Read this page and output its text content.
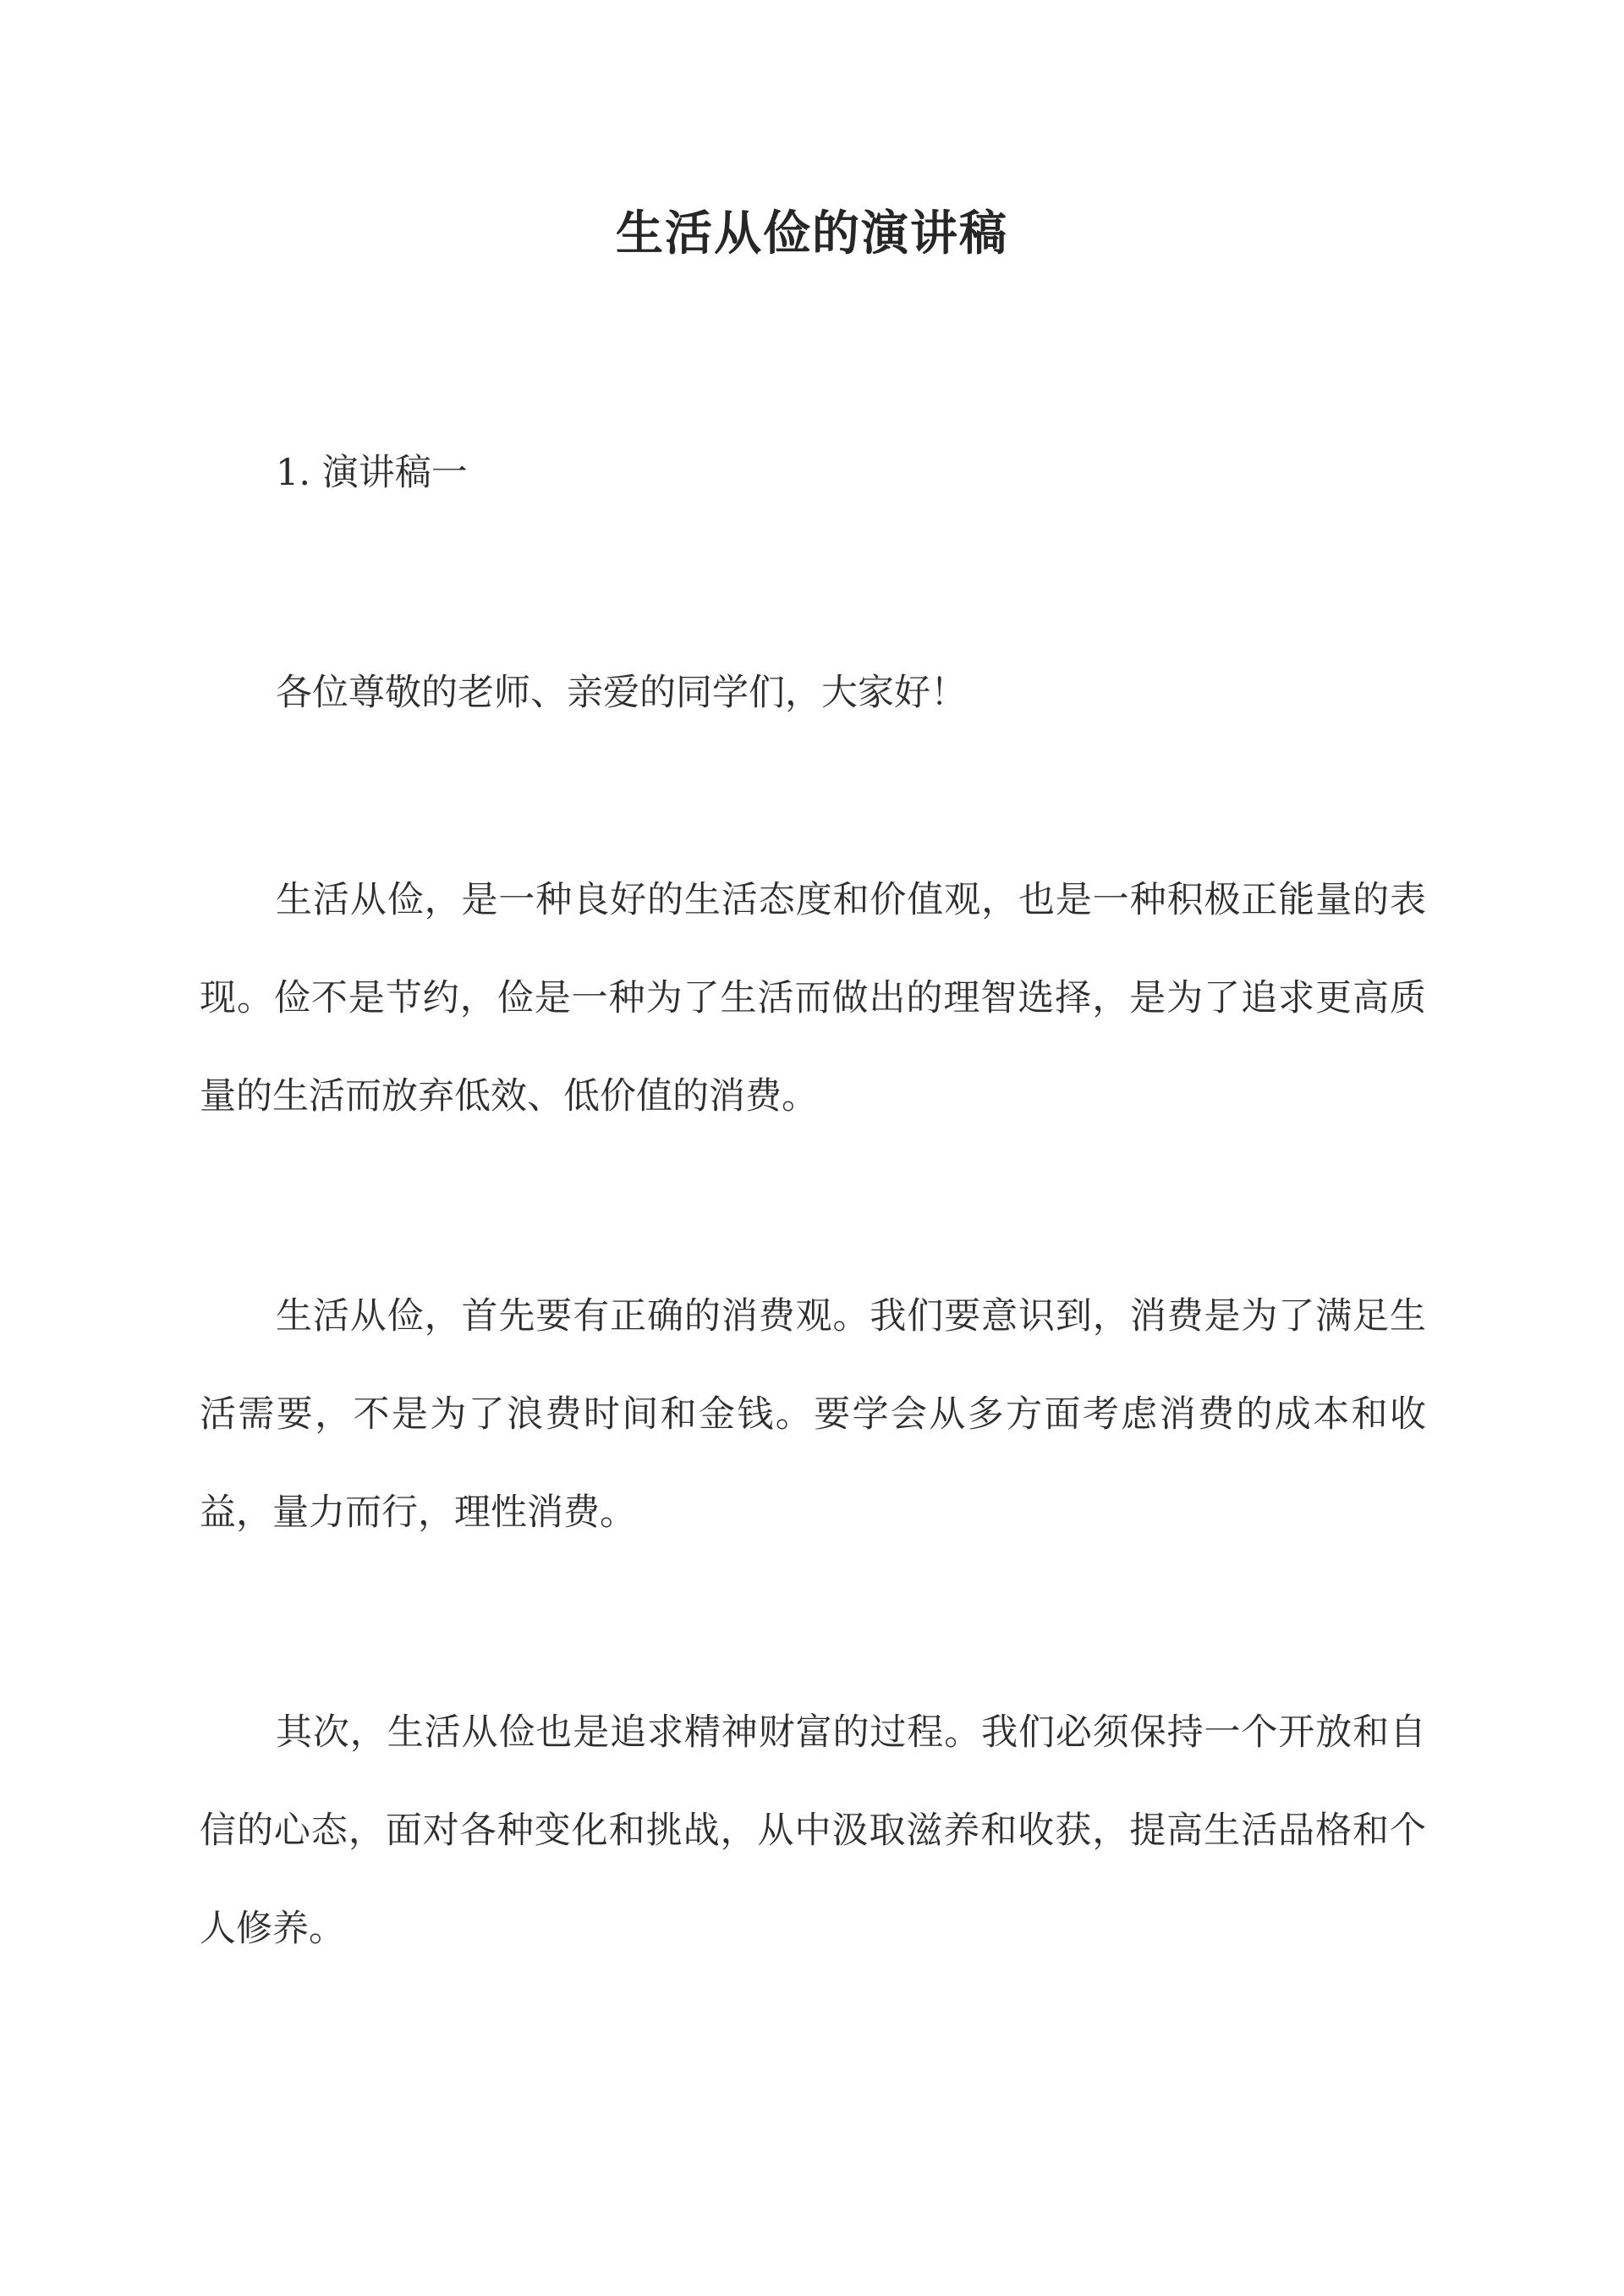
生活从俭的演讲稿
1. 演讲稿一
各位尊敬的老师、亲爱的同学们，大家好！

生活从俭，是一种良好的生活态度和价值观，也是一种积极正能量的表现。俭不是节约，俭是一种为了生活而做出的理智选择，是为了追求更高质量的生活而放弃低效、低价值的消费。

生活从俭，首先要有正确的消费观。我们要意识到，消费是为了满足生活需要，不是为了浪费时间和金钱。要学会从多方面考虑消费的成本和收益，量力而行，理性消费。

其次，生活从俭也是追求精神财富的过程。我们必须保持一个开放和自信的心态，面对各种变化和挑战，从中汲取滋养和收获，提高生活品格和个人修养。
